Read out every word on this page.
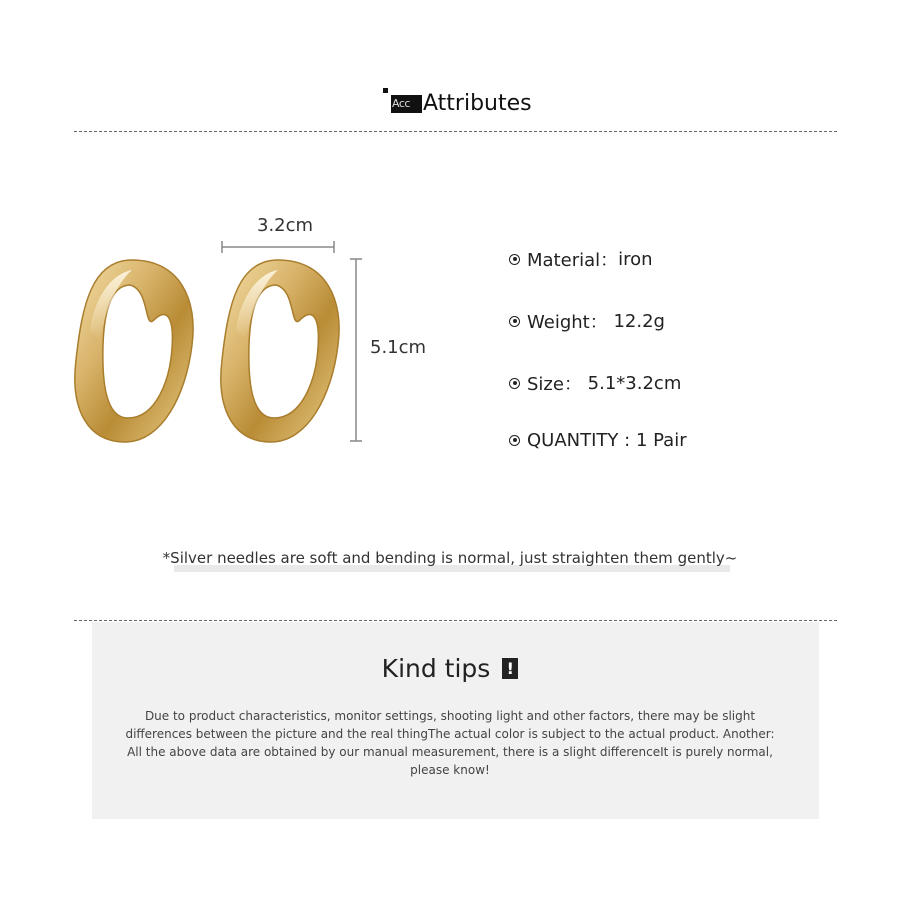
Acc Attributes
3.2cm
5.1cm
Material： iron
Weight： 12.2g
Size： 5.1*3.2cm
QUANTITY : 1 Pair
*Silver needles are soft and bending is normal, just straighten them gently~
Kind tips !
Due to product characteristics, monitor settings, shooting light and other factors, there may be slight differences between the picture and the real thingThe actual color is subject to the actual product. Another: All the above data are obtained by our manual measurement, there is a slight differenceIt is purely normal, please know!
